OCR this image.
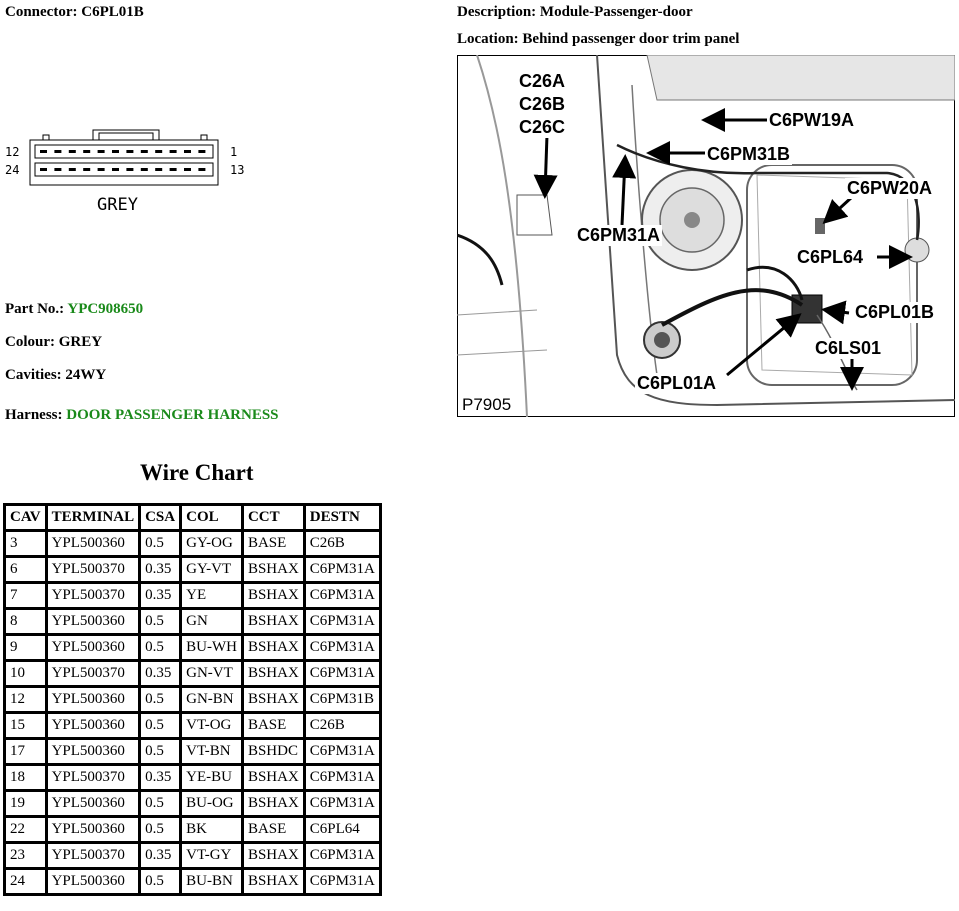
Connector: C6PL01B	Description: Module-Passenger-door
Location: Behind passenger door trim panel
12
24
1
13
GREY
Part No.: YPC908650
Colour: GREY
Cavities: 24WY
Harness: DOOR PASSENGER HARNESS
Wire Chart
CAV	TERMINAL	CSA	COL	CCT	DESTN
3	YPL500360	0.5	GY-OG	BASE	C26B
6	YPL500370	0.35	GY-VT	BSHAX	C6PM31A
7	YPL500370	0.35	YE	BSHAX	C6PM31A
8	YPL500360	0.5	GN	BSHAX	C6PM31A
9	YPL500360	0.5	BU-WH	BSHAX	C6PM31A
10	YPL500370	0.35	GN-VT	BSHAX	C6PM31A
12	YPL500360	0.5	GN-BN	BSHAX	C6PM31B
15	YPL500360	0.5	VT-OG	BASE	C26B
17	YPL500360	0.5	VT-BN	BSHDC	C6PM31A
18	YPL500370	0.35	YE-BU	BSHAX	C6PM31A
19	YPL500360	0.5	BU-OG	BSHAX	C6PM31A
22	YPL500360	0.5	BK	BASE	C6PL64
23	YPL500370	0.35	VT-GY	BSHAX	C6PM31A
24	YPL500360	0.5	BU-BN	BSHAX	C6PM31A
C26A
C26B
C26C	C6PW19A
C6PM31B
C6PW20A
C6PM31A
C6PL64
C6PL01B
C6LS01
C6PL01A
P7905
